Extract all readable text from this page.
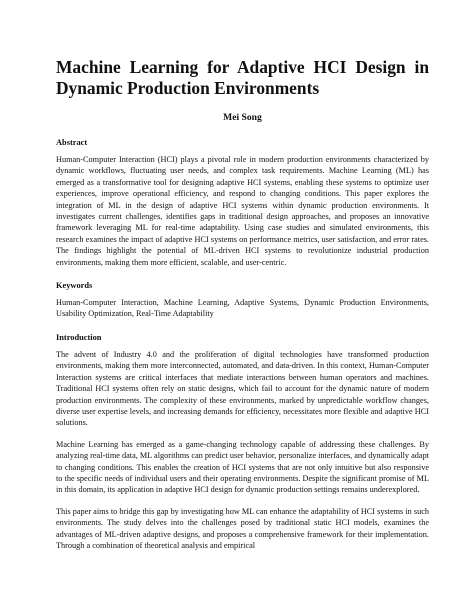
Machine Learning for Adaptive HCI Design in Dynamic Production Environments
Mei Song
Abstract

Human-Computer Interaction (HCI) plays a pivotal role in modern production environments characterized by dynamic workflows, fluctuating user needs, and complex task requirements. Machine Learning (ML) has emerged as a transformative tool for designing adaptive HCI systems, enabling these systems to optimize user experiences, improve operational efficiency, and respond to changing conditions. This paper explores the integration of ML in the design of adaptive HCI systems within dynamic production environments. It investigates current challenges, identifies gaps in traditional design approaches, and proposes an innovative framework leveraging ML for real-time adaptability. Using case studies and simulated environments, this research examines the impact of adaptive HCI systems on performance metrics, user satisfaction, and error rates. The findings highlight the potential of ML-driven HCI systems to revolutionize industrial production environments, making them more efficient, scalable, and user-centric.

Keywords

Human-Computer Interaction, Machine Learning, Adaptive Systems, Dynamic Production Environments, Usability Optimization, Real-Time Adaptability

Introduction

The advent of Industry 4.0 and the proliferation of digital technologies have transformed production environments, making them more interconnected, automated, and data-driven. In this context, Human-Computer Interaction systems are critical interfaces that mediate interactions between human operators and machines. Traditional HCI systems often rely on static designs, which fail to account for the dynamic nature of modern production environments. The complexity of these environments, marked by unpredictable workflow changes, diverse user expertise levels, and increasing demands for efficiency, necessitates more flexible and adaptive HCI solutions.

Machine Learning has emerged as a game-changing technology capable of addressing these challenges. By analyzing real-time data, ML algorithms can predict user behavior, personalize interfaces, and dynamically adapt to changing conditions. This enables the creation of HCI systems that are not only intuitive but also responsive to the specific needs of individual users and their operating environments. Despite the significant promise of ML in this domain, its application in adaptive HCI design for dynamic production settings remains underexplored.

This paper aims to bridge this gap by investigating how ML can enhance the adaptability of HCI systems in such environments. The study delves into the challenges posed by traditional static HCI models, examines the advantages of ML-driven adaptive designs, and proposes a comprehensive framework for their implementation. Through a combination of theoretical analysis and empirical
